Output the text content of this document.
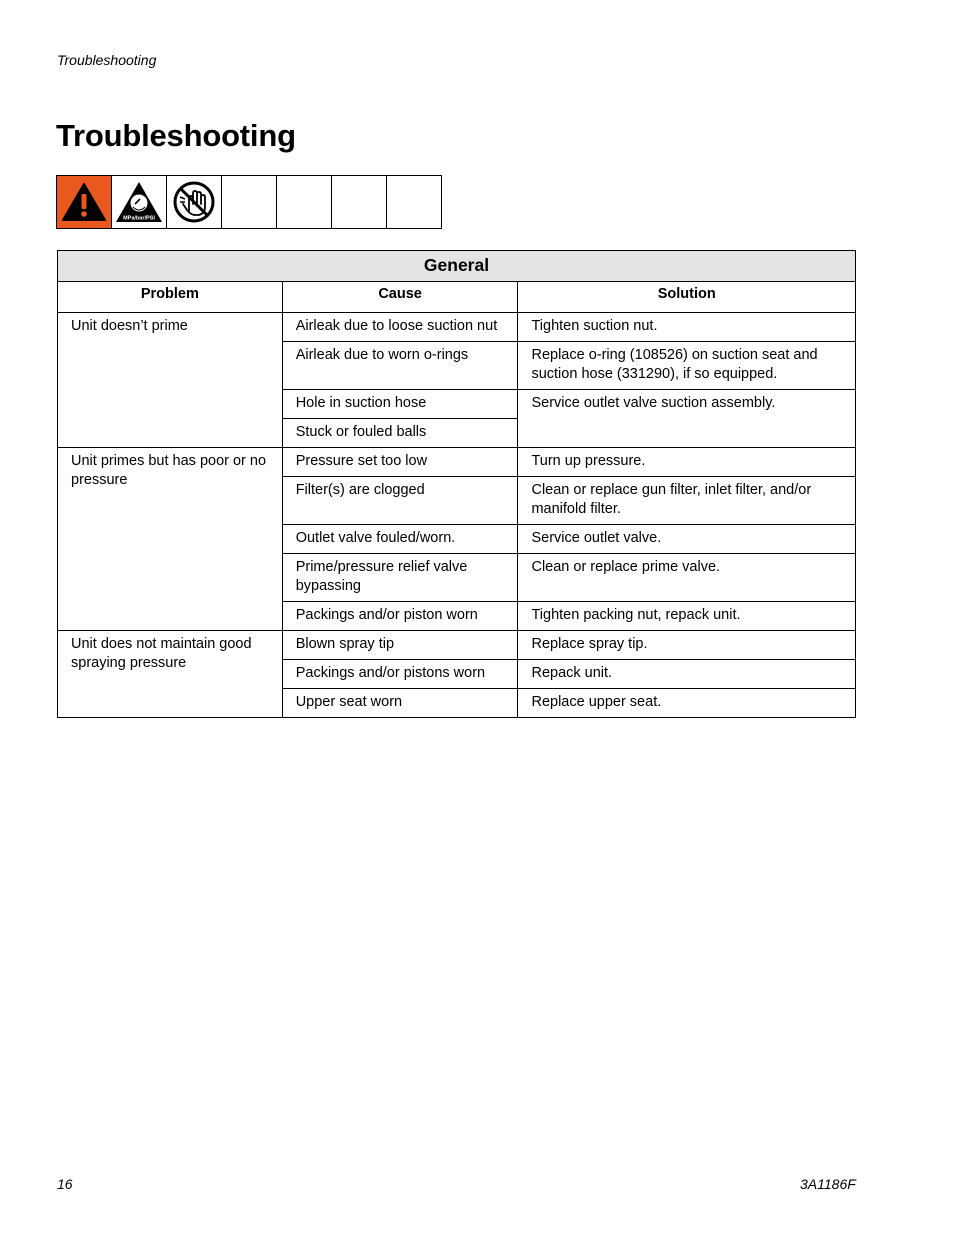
Troubleshooting
Troubleshooting
MPa/bar/PSI
General		
Problem	Cause	Solution
Unit doesn’t prime	Airleak due to loose suction nut	Tighten suction nut.
	Airleak due to worn o-rings	Replace o-ring (108526) on suction seat and suction hose (331290), if so equipped.
	Hole in suction hose	Service outlet valve suction assembly.
	Stuck or fouled balls	
Unit primes but has poor or no pressure	Pressure set too low	Turn up pressure.
	Filter(s) are clogged	Clean or replace gun filter, inlet filter, and/or manifold filter.
	Outlet valve fouled/worn.	Service outlet valve.
	Prime/pressure relief valve bypassing	Clean or replace prime valve.
	Packings and/or piston worn	Tighten packing nut, repack unit.
Unit does not maintain good spraying pressure	Blown spray tip	Replace spray tip.
	Packings and/or pistons worn	Repack unit.
	Upper seat worn	Replace upper seat.
16	3A1186F
